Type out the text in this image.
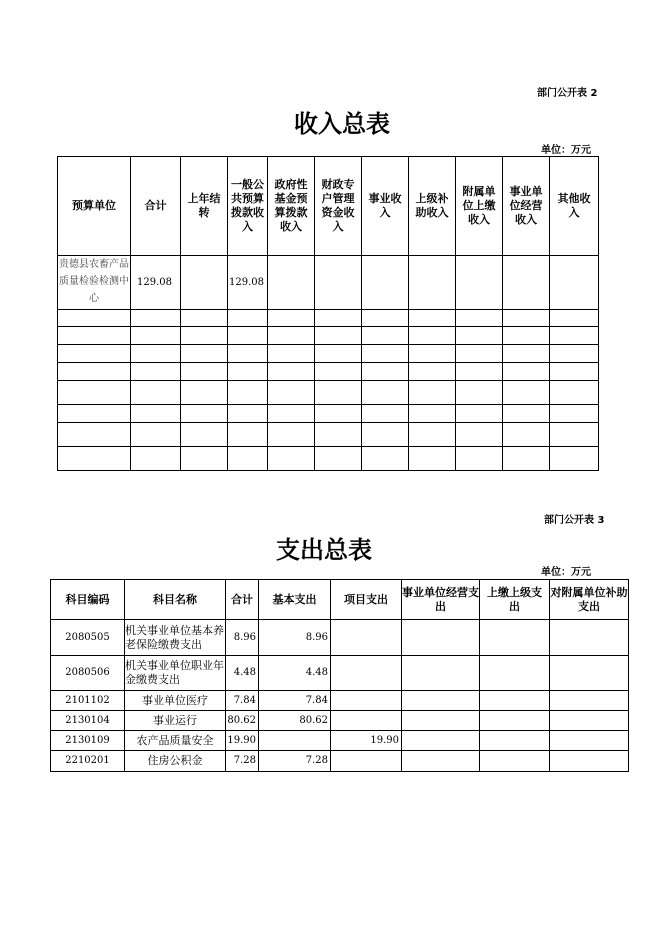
部门公开表 2
收入总表
单位：万元
预算单位	合计	上年结转	一般公共预算拨款收入	政府性基金预算拨款收入	财政专户管理资金收入	事业收入	上级补助收入	附属单位上缴收入	事业单位经营收入	其他收入
贵德县农畜产品质量检验检测中心	129.08		129.08							

部门公开表 3
支出总表
单位：万元
科目编码	科目名称	合计	基本支出	项目支出	事业单位经营支出	上缴上级支出	对附属单位补助支出
2080505	机关事业单位基本养老保险缴费支出	8.96	8.96				
2080506	机关事业单位职业年金缴费支出	4.48	4.48				
2101102	事业单位医疗	7.84	7.84				
2130104	事业运行	80.62	80.62				
2130109	农产品质量安全	19.90		19.90			
2210201	住房公积金	7.28	7.28				
